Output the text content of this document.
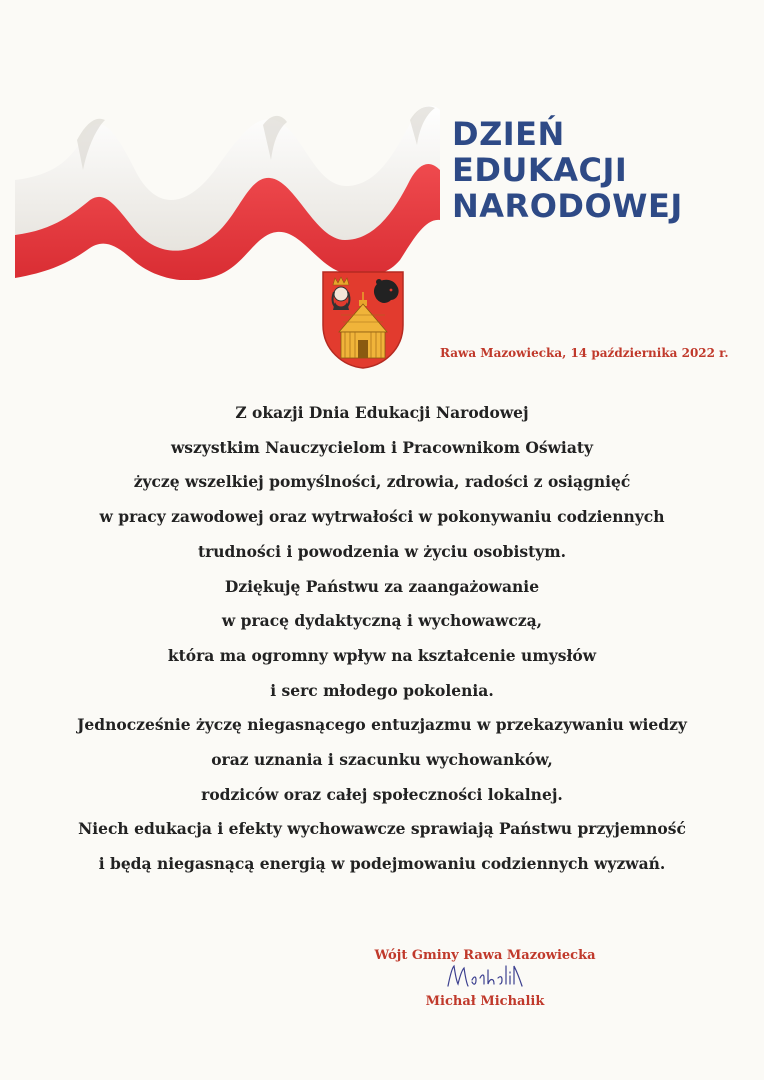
DZIEŃ
EDUKACJI
NARODOWEJ
Rawa Mazowiecka, 14 października 2022 r.
Z okazji Dnia Edukacji Narodowej
wszystkim Nauczycielom i Pracownikom Oświaty
życzę wszelkiej pomyślności, zdrowia, radości z osiągnięć
w pracy zawodowej oraz wytrwałości w pokonywaniu codziennych
trudności i powodzenia w życiu osobistym.
Dziękuję Państwu za zaangażowanie
w pracę dydaktyczną i wychowawczą,
która ma ogromny wpływ na kształcenie umysłów
i serc młodego pokolenia.
Jednocześnie życzę niegasnącego entuzjazmu w przekazywaniu wiedzy
oraz uznania i szacunku wychowanków,
rodziców oraz całej społeczności lokalnej.
Niech edukacja i efekty wychowawcze sprawiają Państwu przyjemność
i będą niegasnącą energią w podejmowaniu codziennych wyzwań.
Wójt Gminy Rawa Mazowiecka
Michał Michalik
